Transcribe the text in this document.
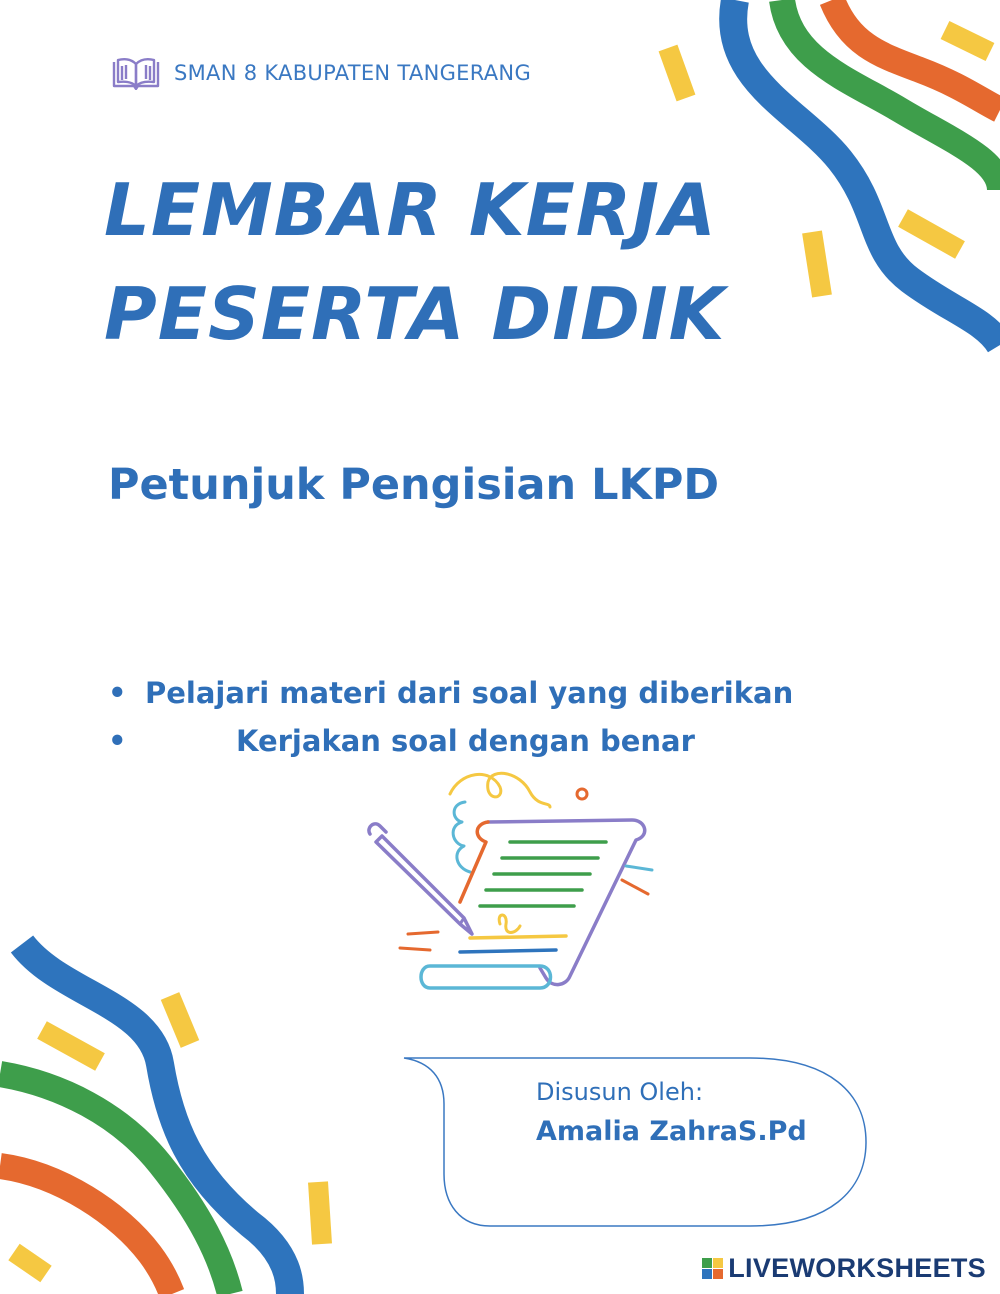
SMAN 8 KABUPATEN TANGERANG
LEMBAR KERJA
PESERTA DIDIK
Petunjuk Pengisian LKPD
• Pelajari materi dari soal yang diberikan
•	Kerjakan soal dengan benar
Disusun Oleh:
Amalia ZahraS.Pd
LIVEWORKSHEETS
